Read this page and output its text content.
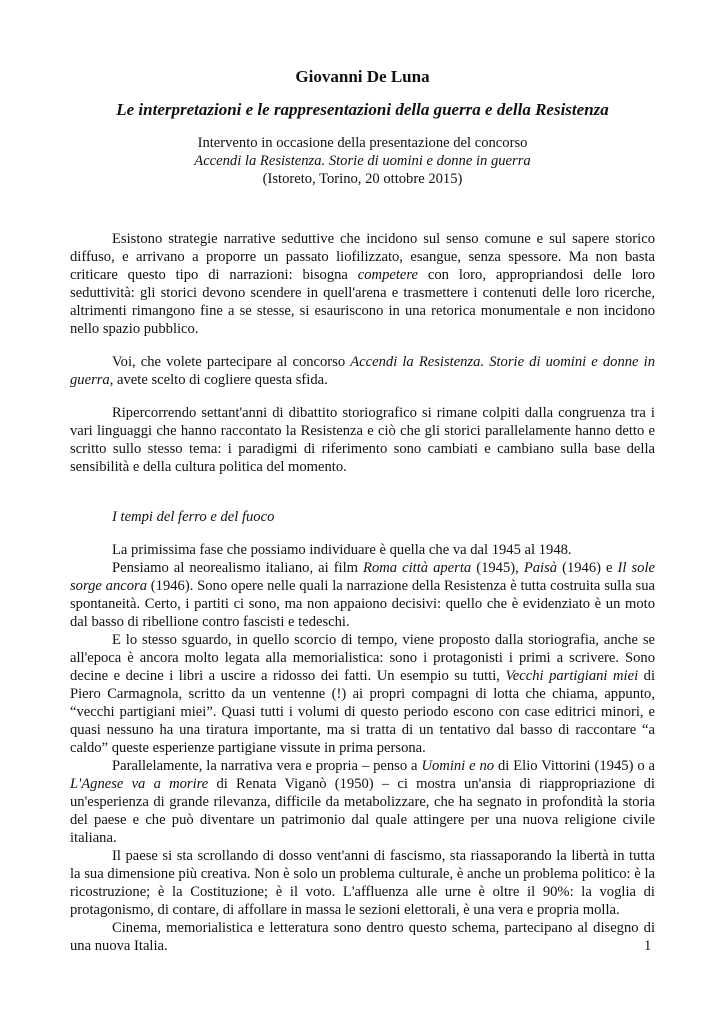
Giovanni De Luna
Le interpretazioni e le rappresentazioni della guerra e della Resistenza
Intervento in occasione della presentazione del concorso
Accendi la Resistenza. Storie di uomini e donne in guerra
(Istoreto, Torino, 20 ottobre 2015)

Esistono strategie narrative seduttive che incidono sul senso comune e sul sapere storico diffuso, e arrivano a proporre un passato liofilizzato, esangue, senza spessore. Ma non basta criticare questo tipo di narrazioni: bisogna competere con loro, appropriandosi delle loro seduttività: gli storici devono scendere in quell'arena e trasmettere i contenuti delle loro ricerche, altrimenti rimangono fine a se stesse, si esauriscono in una retorica monumentale e non incidono nello spazio pubblico.

Voi, che volete partecipare al concorso Accendi la Resistenza. Storie di uomini e donne in guerra, avete scelto di cogliere questa sfida.

Ripercorrendo settant'anni di dibattito storiografico si rimane colpiti dalla congruenza tra i vari linguaggi che hanno raccontato la Resistenza e ciò che gli storici parallelamente hanno detto e scritto sullo stesso tema: i paradigmi di riferimento sono cambiati e cambiano sulla base della sensibilità e della cultura politica del momento.

I tempi del ferro e del fuoco

La primissima fase che possiamo individuare è quella che va dal 1945 al 1948.

Pensiamo al neorealismo italiano, ai film Roma città aperta (1945), Paisà (1946) e Il sole sorge ancora (1946). Sono opere nelle quali la narrazione della Resistenza è tutta costruita sulla sua spontaneità. Certo, i partiti ci sono, ma non appaiono decisivi: quello che è evidenziato è un moto dal basso di ribellione contro fascisti e tedeschi.

E lo stesso sguardo, in quello scorcio di tempo, viene proposto dalla storiografia, anche se all'epoca è ancora molto legata alla memorialistica: sono i protagonisti i primi a scrivere. Sono decine e decine i libri a uscire a ridosso dei fatti. Un esempio su tutti, Vecchi partigiani miei di Piero Carmagnola, scritto da un ventenne (!) ai propri compagni di lotta che chiama, appunto, “vecchi partigiani miei”. Quasi tutti i volumi di questo periodo escono con case editrici minori, e quasi nessuno ha una tiratura importante, ma si tratta di un tentativo dal basso di raccontare “a caldo” queste esperienze partigiane vissute in prima persona.

Parallelamente, la narrativa vera e propria – penso a Uomini e no di Elio Vittorini (1945) o a L'Agnese va a morire di Renata Viganò (1950) – ci mostra un'ansia di riappropriazione di un'esperienza di grande rilevanza, difficile da metabolizzare, che ha segnato in profondità la storia del paese e che può diventare un patrimonio dal quale attingere per una nuova religione civile italiana.

Il paese si sta scrollando di dosso vent'anni di fascismo, sta riassaporando la libertà in tutta la sua dimensione più creativa. Non è solo un problema culturale, è anche un problema politico: è la ricostruzione; è la Costituzione; è il voto. L'affluenza alle urne è oltre il 90%: la voglia di protagonismo, di contare, di affollare in massa le sezioni elettorali, è una vera e propria molla.

Cinema, memorialistica e letteratura sono dentro questo schema, partecipano al disegno di una nuova Italia.	1
